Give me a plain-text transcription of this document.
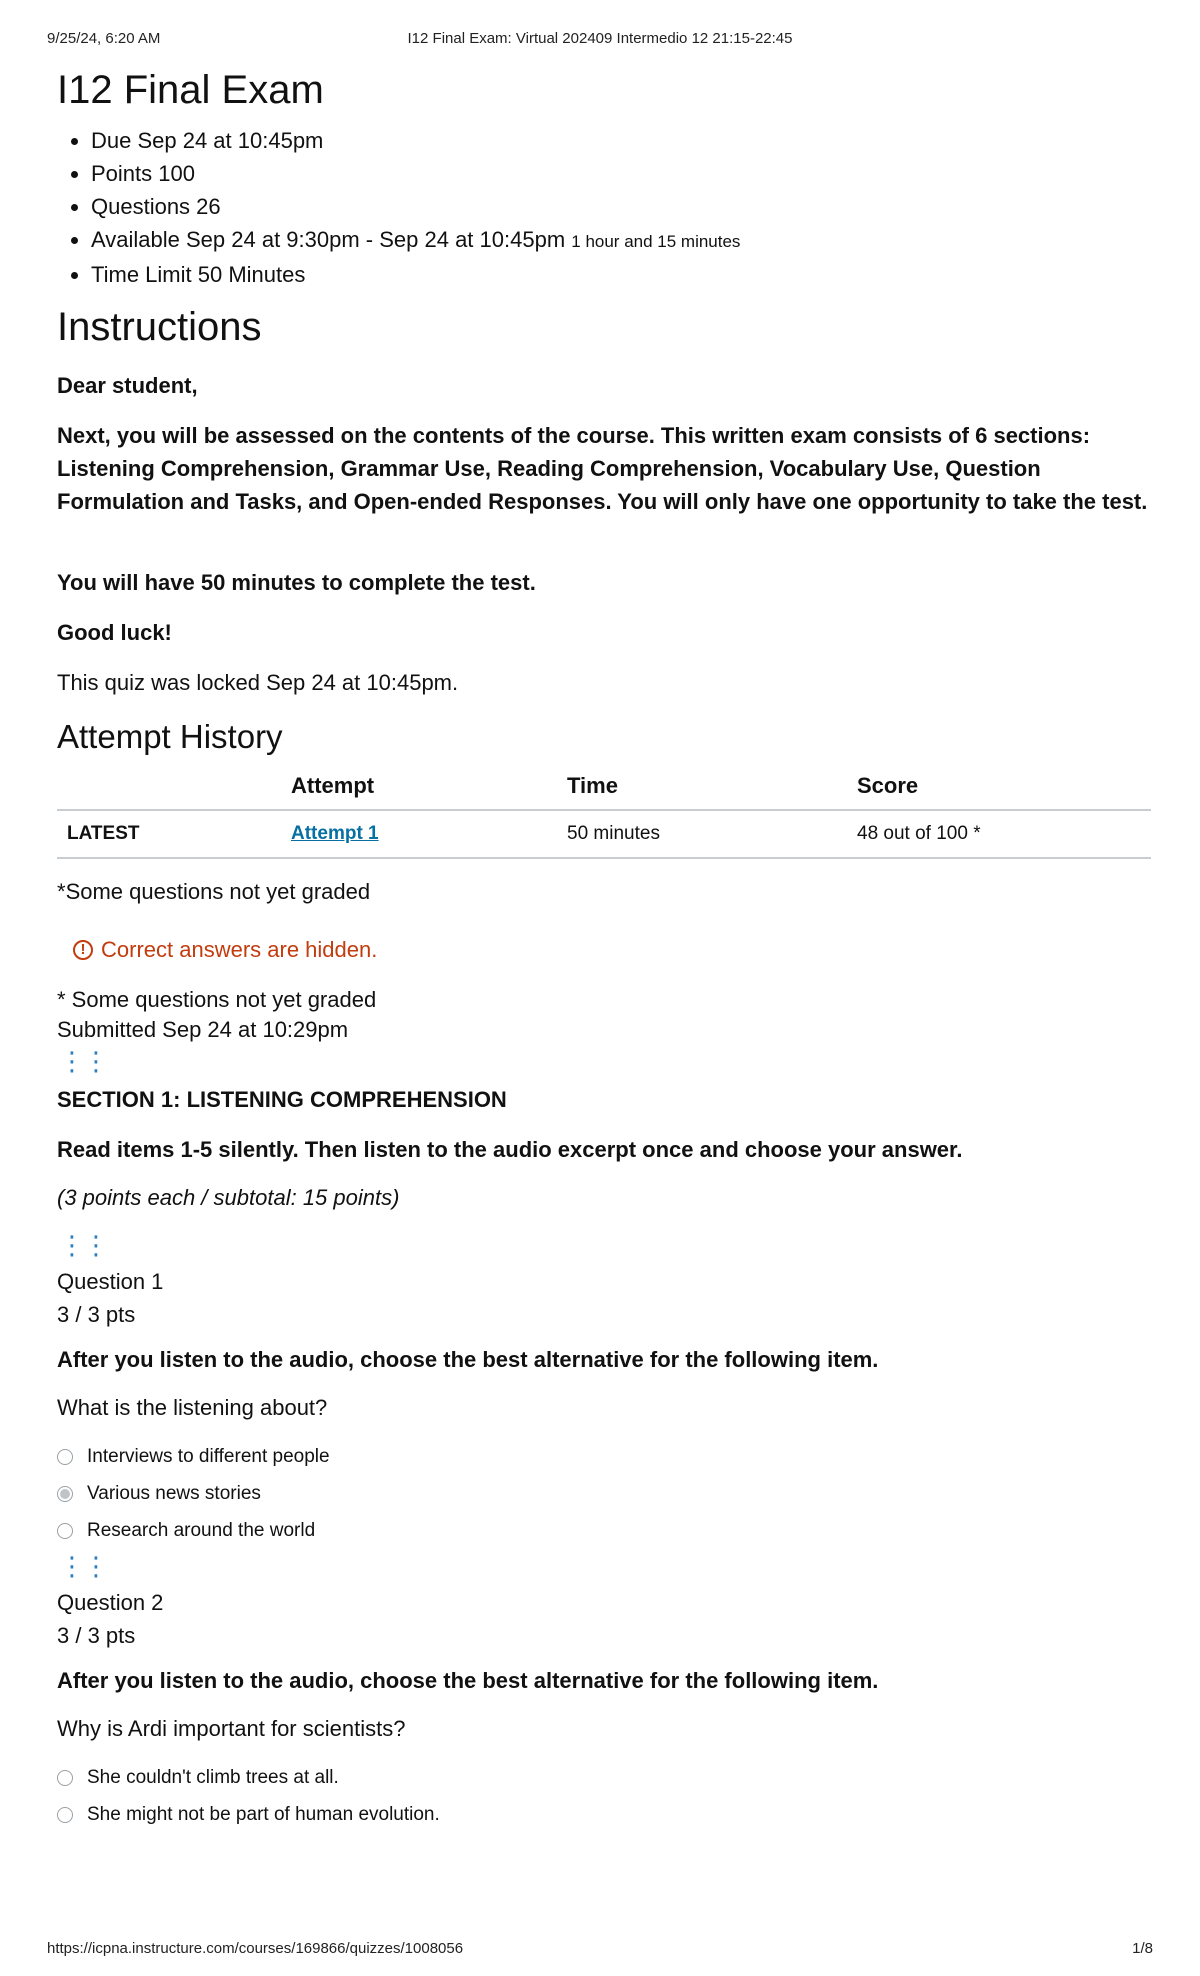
9/25/24, 6:20 AM	I12 Final Exam: Virtual 202409 Intermedio 12 21:15-22:45
I12 Final Exam
• Due Sep 24 at 10:45pm
• Points 100
• Questions 26
• Available Sep 24 at 9:30pm - Sep 24 at 10:45pm 1 hour and 15 minutes
• Time Limit 50 Minutes
Instructions

Dear student,

Next, you will be assessed on the contents of the course. This written exam consists of 6 sections: Listening Comprehension, Grammar Use, Reading Comprehension, Vocabulary Use, Question Formulation and Tasks, and Open-ended Responses. You will only have one opportunity to take the test.

You will have 50 minutes to complete the test.

Good luck!

This quiz was locked Sep 24 at 10:45pm.

Attempt History
	Attempt	Time	Score
LATEST	Attempt 1	50 minutes	48 out of 100 *

*Some questions not yet graded

! Correct answers are hidden.

* Some questions not yet graded

Submitted Sep 24 at 10:29pm

⋮⋮

SECTION 1: LISTENING COMPREHENSION

Read items 1-5 silently. Then listen to the audio excerpt once and choose your answer.

(3 points each / subtotal: 15 points)

⋮⋮
Question 1
3 / 3 pts

After you listen to the audio, choose the best alternative for the following item.

What is the listening about?

Interviews to different people
Various news stories
Research around the world
⋮⋮
Question 2
3 / 3 pts

After you listen to the audio, choose the best alternative for the following item.

Why is Ardi important for scientists?

She couldn't climb trees at all.
She might not be part of human evolution.
https://icpna.instructure.com/courses/169866/quizzes/1008056	1/8
